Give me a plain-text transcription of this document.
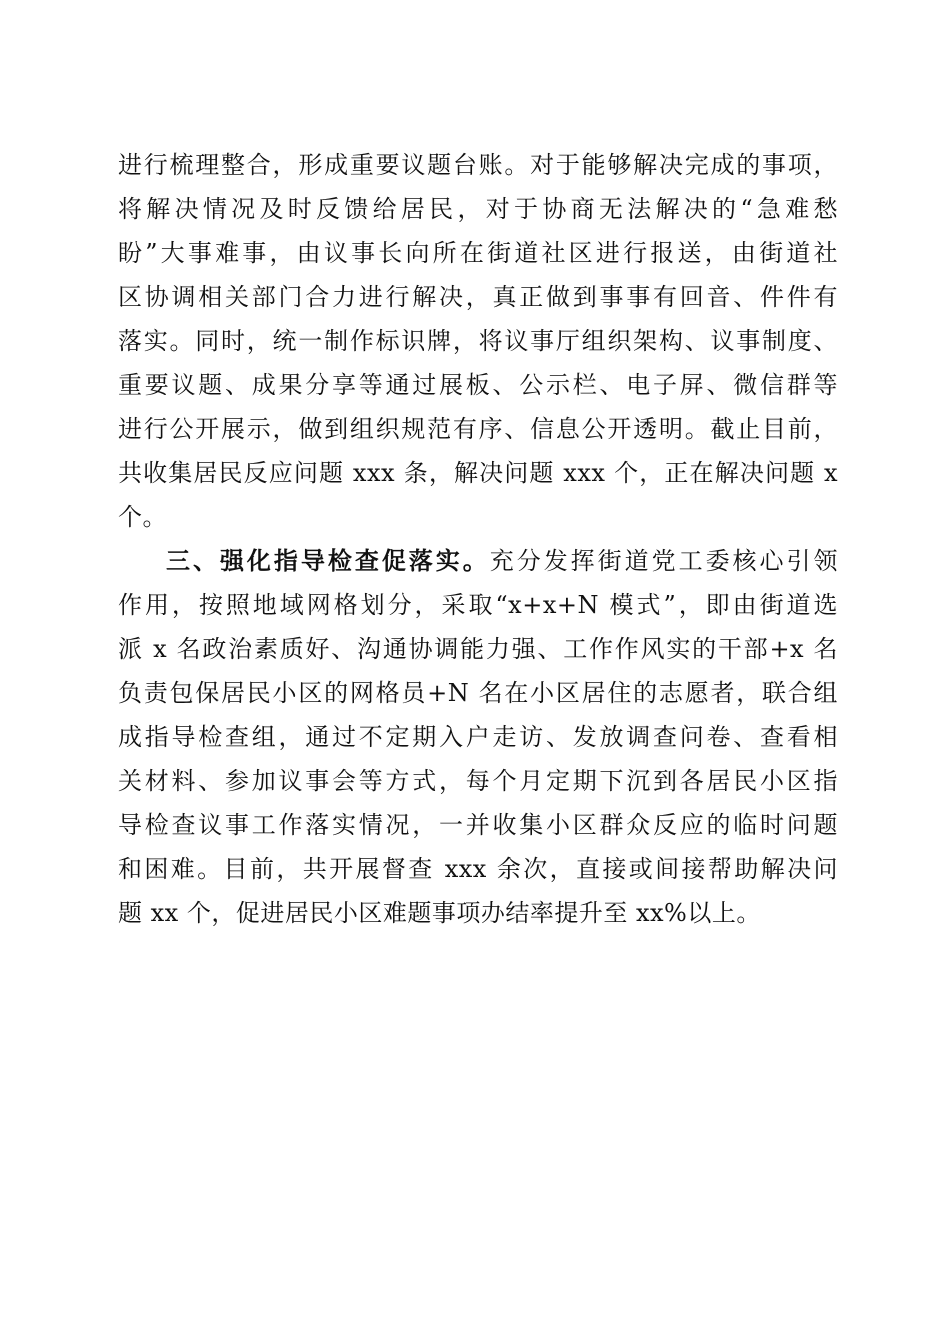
进行梳理整合，形成重要议题台账。对于能够解决完成的事项，
将解决情况及时反馈给居民，对于协商无法解决的“急难愁
盼”大事难事，由议事长向所在街道社区进行报送，由街道社
区协调相关部门合力进行解决，真正做到事事有回音、件件有
落实。同时，统一制作标识牌，将议事厅组织架构、议事制度、
重要议题、成果分享等通过展板、公示栏、电子屏、微信群等
进行公开展示，做到组织规范有序、信息公开透明。截止目前，
共收集居民反应问题 xxx 条，解决问题 xxx 个，正在解决问题 x
个。
三、强化指导检查促落实。充分发挥街道党工委核心引领
作用，按照地域网格划分，采取“x+x+N 模式”，即由街道选
派 x 名政治素质好、沟通协调能力强、工作作风实的干部+x 名
负责包保居民小区的网格员+N 名在小区居住的志愿者，联合组
成指导检查组，通过不定期入户走访、发放调查问卷、查看相
关材料、参加议事会等方式，每个月定期下沉到各居民小区指
导检查议事工作落实情况，一并收集小区群众反应的临时问题
和困难。目前，共开展督查 xxx 余次，直接或间接帮助解决问
题 xx 个，促进居民小区难题事项办结率提升至 xx%以上。
